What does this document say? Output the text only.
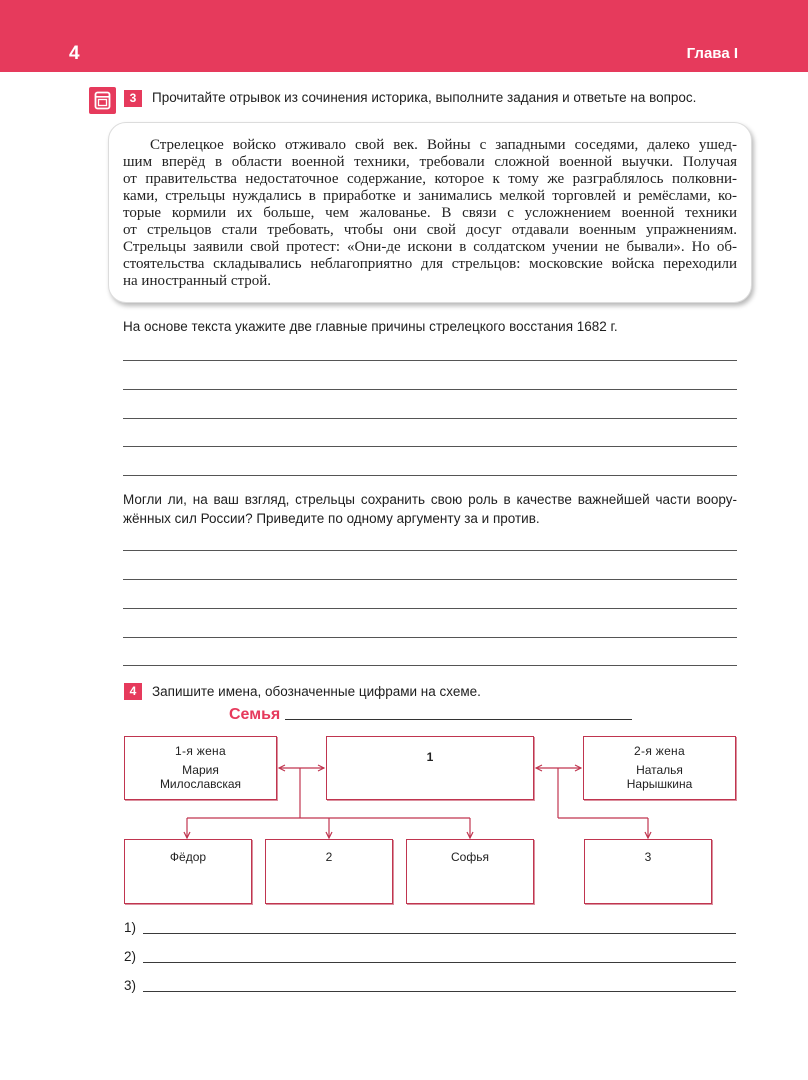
4	Глава I
3	Прочитайте отрывок из сочинения историка, выполните задания и ответьте на вопрос.
Стрелецкое войско отживало свой век. Войны с западными соседями, далеко ушед-
шим вперёд в области военной техники, требовали сложной военной выучки. Получая
от правительства недостаточное содержание, которое к тому же разграблялось полковни-
ками, стрельцы нуждались в приработке и занимались мелкой торговлей и ремёслами, ко-
торые кормили их больше, чем жалованье. В связи с усложнением военной техники
от стрельцов стали требовать, чтобы они свой досуг отдавали военным упражнениям.
Стрельцы заявили свой протест: «Они-де искони в солдатском учении не бывали». Но об-
стоятельства складывались неблагоприятно для стрельцов: московские войска переходили
на иностранный строй.
На основе текста укажите две главные причины стрелецкого восстания 1682 г.
Могли ли, на ваш взгляд, стрельцы сохранить свою роль в качестве важнейшей части воору-
жённых сил России? Приведите по одному аргументу за и против.
4	Запишите имена, обозначенные цифрами на схеме.
Семья
1-я жена
Мария
Милославская
1	2-я жена
Наталья
Нарышкина
Фёдор	2	Софья	3
1)
2)
3)
